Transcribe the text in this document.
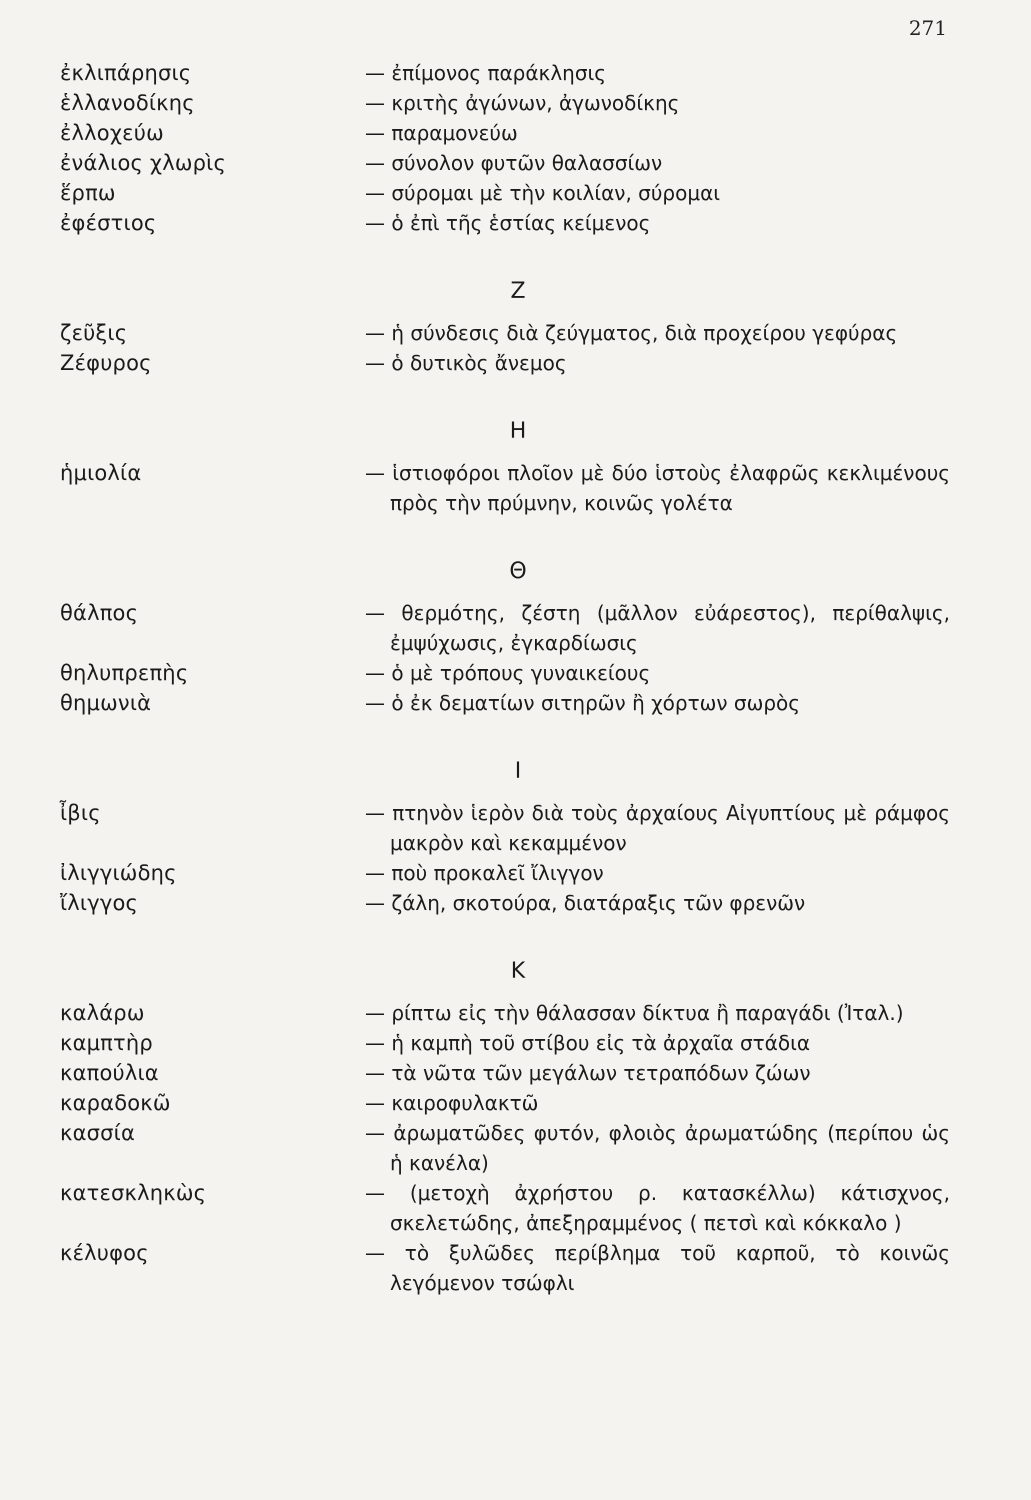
271
ἐκλιπάρησις	— ἐπίμονος παράκλησις
ἑλλανοδίκης	— κριτὴς ἀγώνων, ἀγωνοδίκης
ἐλλοχεύω	— παραμονεύω
ἐνάλιος χλωρὶς	— σύνολον φυτῶν θαλασσίων
ἕρπω	— σύρομαι μὲ τὴν κοιλίαν, σύρομαι
ἐφέστιος	— ὁ ἐπὶ τῆς ἑστίας κείμενος
Ζ
ζεῦξις	— ἡ σύνδεσις διὰ ζεύγματος, διὰ προχείρου γεφύρας
Ζέφυρος	— ὁ δυτικὸς ἄνεμος
Η
ἡμιολία	— ἱστιοφόροι πλοῖον μὲ δύο ἱστοὺς ἐλαφρῶς κεκλιμένους πρὸς τὴν πρύμνην, κοινῶς γολέτα
Θ
θάλπος	— θερμότης, ζέστη (μᾶλλον εὐάρεστος), περίθαλψις, ἐμψύχωσις, ἐγκαρδίωσις
θηλυπρεπὴς	— ὁ μὲ τρόπους γυναικείους
θημωνιὰ	— ὁ ἐκ δεματίων σιτηρῶν ἢ χόρτων σωρὸς
Ι
ἶβις	— πτηνὸν ἱερὸν διὰ τοὺς ἀρχαίους Αἰγυπτίους μὲ ράμφος μακρὸν καὶ κεκαμμένον
ἰλιγγιώδης	— ποὺ προκαλεῖ ἴλιγγον
ἴλιγγος	— ζάλη, σκοτούρα, διατάραξις τῶν φρενῶν
Κ
καλάρω	— ρίπτω εἰς τὴν θάλασσαν δίκτυα ἢ παραγάδι (Ἰταλ.)
καμπτὴρ	— ἡ καμπὴ τοῦ στίβου εἰς τὰ ἀρχαῖα στάδια
καπούλια	— τὰ νῶτα τῶν μεγάλων τετραπόδων ζώων
καραδοκῶ	— καιροφυλακτῶ
κασσία	— ἀρωματῶδες φυτόν, φλοιὸς ἀρωματώδης (περίπου ὡς ἡ κανέλα)
κατεσκληκὼς	— (μετοχὴ ἀχρήστου ρ. κατασκέλλω) κάτισχνος, σκελετώδης, ἀπεξηραμμένος ( πετσὶ καὶ κόκκαλο )
κέλυφος	— τὸ ξυλῶδες περίβλημα τοῦ καρποῦ, τὸ κοινῶς λεγόμενον τσώφλι
